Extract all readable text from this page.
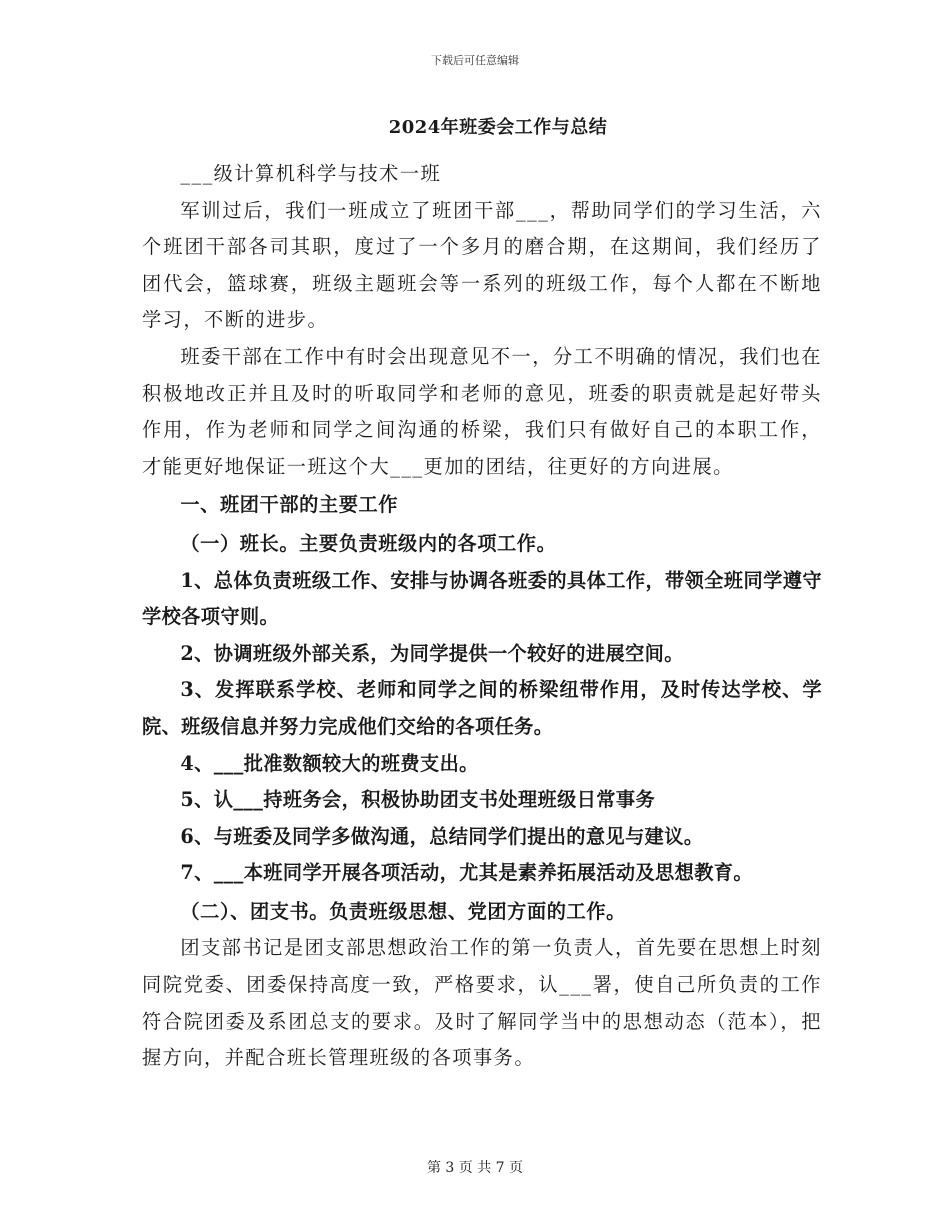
下载后可任意编辑
2024年班委会工作与总结

___级计算机科学与技术一班

军训过后，我们一班成立了班团干部___，帮助同学们的学习生活，六个班团干部各司其职，度过了一个多月的磨合期，在这期间，我们经历了团代会，篮球赛，班级主题班会等一系列的班级工作，每个人都在不断地学习，不断的进步。

班委干部在工作中有时会出现意见不一，分工不明确的情况，我们也在积极地改正并且及时的听取同学和老师的意见，班委的职责就是起好带头作用，作为老师和同学之间沟通的桥梁，我们只有做好自己的本职工作，才能更好地保证一班这个大___更加的团结，往更好的方向进展。

一、班团干部的主要工作

（一）班长。主要负责班级内的各项工作。

1、总体负责班级工作、安排与协调各班委的具体工作，带领全班同学遵守学校各项守则。

2、协调班级外部关系，为同学提供一个较好的进展空间。

3、发挥联系学校、老师和同学之间的桥梁纽带作用，及时传达学校、学院、班级信息并努力完成他们交给的各项任务。

4、___批准数额较大的班费支出。

5、认___持班务会，积极协助团支书处理班级日常事务

6、与班委及同学多做沟通，总结同学们提出的意见与建议。

7、___本班同学开展各项活动，尤其是素养拓展活动及思想教育。

（二）、团支书。负责班级思想、党团方面的工作。

团支部书记是团支部思想政治工作的第一负责人，首先要在思想上时刻同院党委、团委保持高度一致，严格要求，认___署，使自己所负责的工作符合院团委及系团总支的要求。及时了解同学当中的思想动态（范本），把握方向，并配合班长管理班级的各项事务。

第 3 页 共 7 页
